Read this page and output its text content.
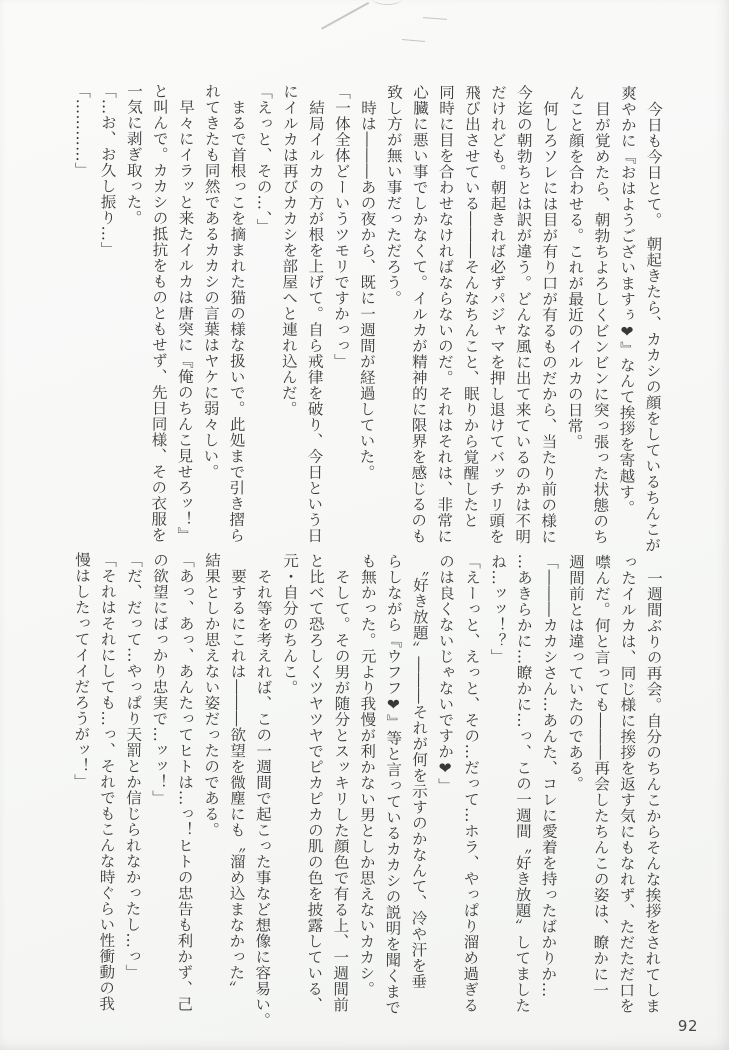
　今日も今日とて。　朝起きたら、カカシの顔をしているちんこが

爽やかに『おはようございますぅ❤』なんて挨拶を寄越す。

　目が覚めたら、朝勃ちよろしくビンビンに突っ張った状態のち

んこと顔を合わせる。これが最近のイルカの日常。

　何しろソレには目が有り口が有るものだから、当たり前の様に

今迄の朝勃ちとは訳が違う。どんな風に出て来ているのかは不明

だけれども。朝起きれば必ずパジャマを押し退けてバッチリ頭を

飛び出させている―――そんなちんこと、眠りから覚醒したと

同時に目を合わせなければならないのだ。それはそれは、非常に

心臓に悪い事でしかなくて。イルカが精神的に限界を感じるのも

致し方が無い事だっただろう。

　時は―――あの夜から、既に一週間が経過していた。

「一体全体どーいうツモリですかっっ」

　結局イルカの方が根を上げて。自ら戒律を破り、今日という日

にイルカは再びカカシを部屋へと連れ込んだ。

「えっと、その…、」

　まるで首根っこを摘まれた猫の様な扱いで。此処まで引き摺ら

れてきたも同然であるカカシの言葉はヤケに弱々しい。

　早々にイラッと来たイルカは唐突に『俺のちんこ見せろッ！』

と叫んで。カカシの抵抗をものともせず、先日同様、その衣服を

一気に剥ぎ取った。

「…お、お久し振り…」

「…………」

　一週間ぶりの再会。自分のちんこからそんな挨拶をされてしま

ったイルカは、同じ様に挨拶を返す気にもなれず、ただただ口を

噤んだ。何と言っても―――再会したちんこの姿は、瞭かに一

週間前とは違っていたのである。

「―――カカシさん…あんた、コレに愛着を持ったばかりか…

…あきらかに…瞭かに…っ、この一週間〝好き放題〟してました

ね…ッッ！？」

「えーっと、えっと、その…だって…ホラ、やっぱり溜め過ぎる

のは良くないじゃないですか❤」

　〝好き放題〟―――それが何を示すのかなんて、冷や汗を垂

らしながら『ウフフ❤』等と言っているカカシの説明を聞くまで

も無かった。元より我慢が利かない男としか思えないカカシ。

　そして。その男が随分とスッキリした顔色で有る上、一週間前

と比べて恐ろしくツヤツヤでピカピカの肌の色を披露している、

元・自分のちんこ。

　それ等を考えれば、この一週間で起こった事など想像に容易い。

　要するにこれは―――欲望を微塵にも〝溜め込まなかった〟

結果としか思えない姿だったのである。

「あっ、あっ、あんたってヒトは…っ！ヒトの忠告も利かず、己

の欲望にばっかり忠実で…ッッ！」

「だ、だって…やっぱり天罰とか信じられなかったし…っ」

「それはそれにしても…っ、それでもこんな時ぐらい性衝動の我

慢はしたってイイだろうがッ！」

92
